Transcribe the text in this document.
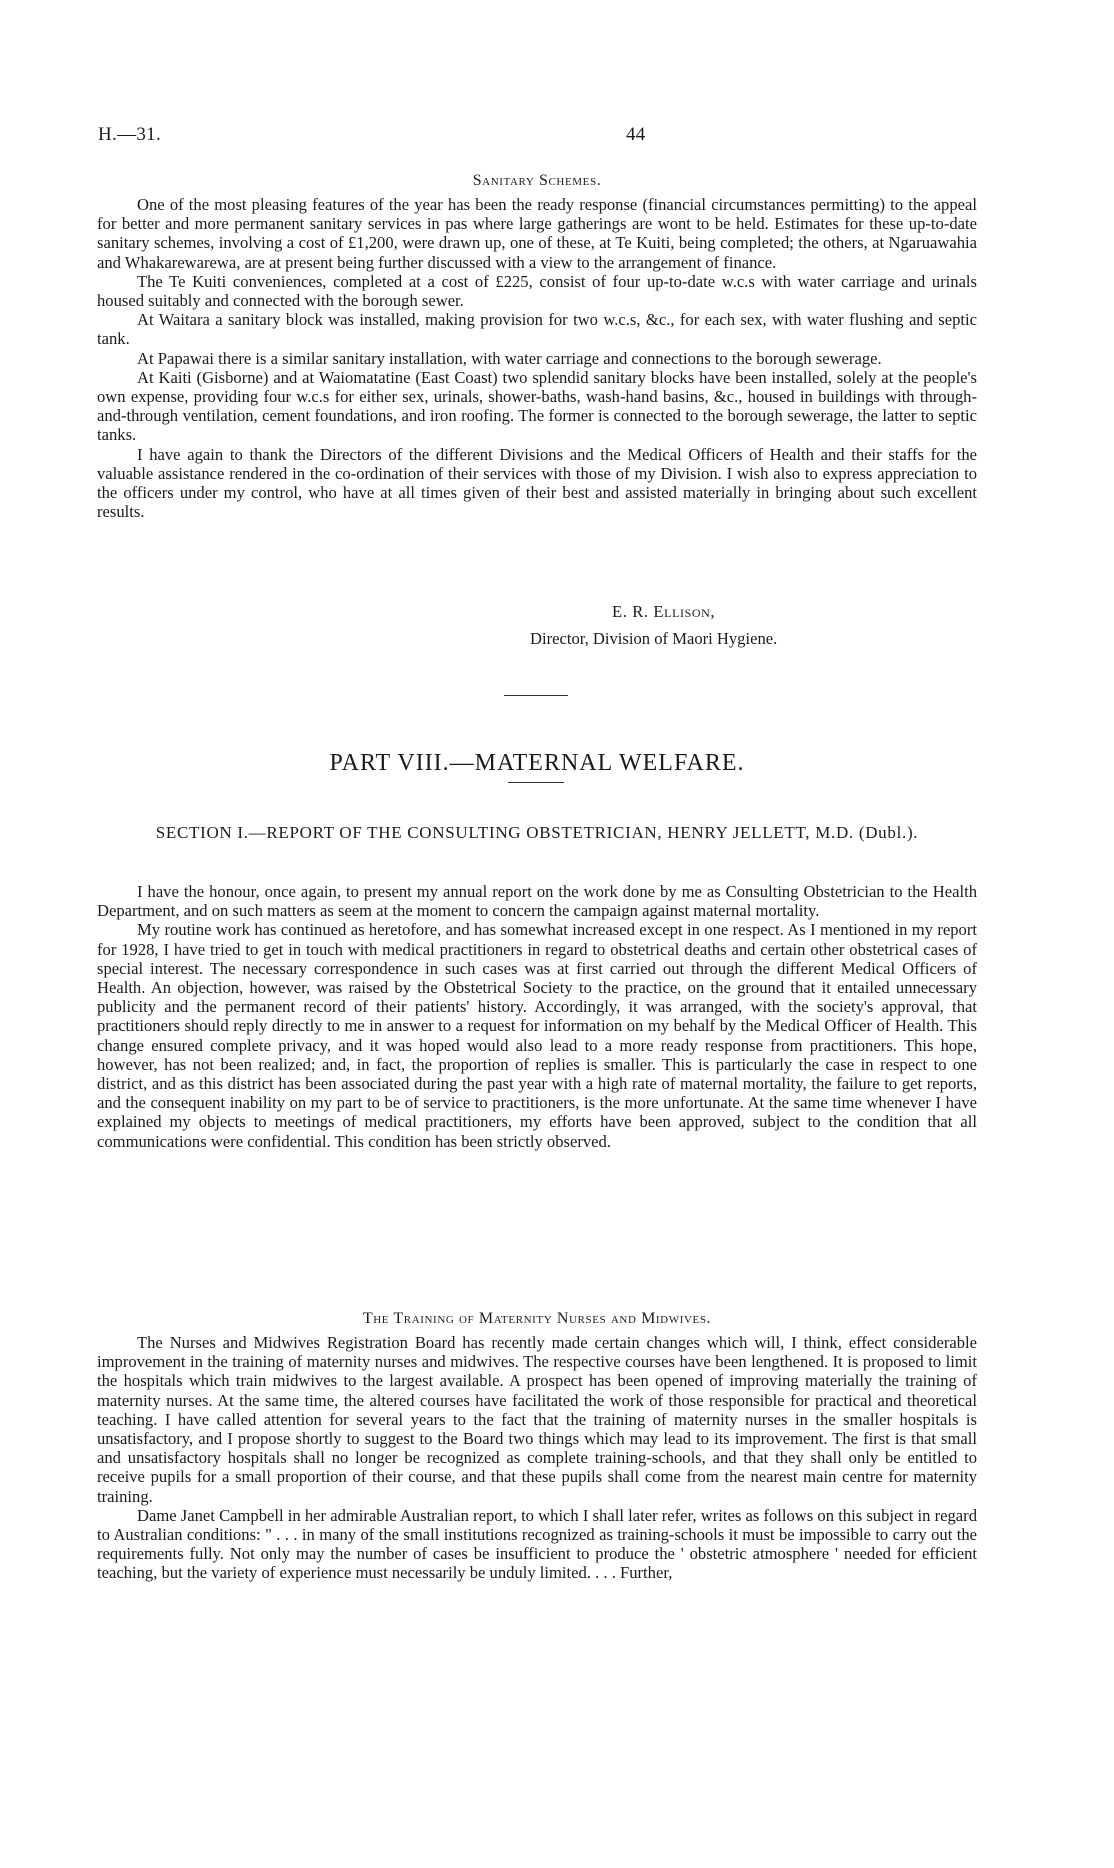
H.—31.	44
Sanitary Schemes.

One of the most pleasing features of the year has been the ready response (financial circumstances permitting) to the appeal for better and more permanent sanitary services in pas where large gatherings are wont to be held. Estimates for these up-to-date sanitary schemes, involving a cost of £1,200, were drawn up, one of these, at Te Kuiti, being completed; the others, at Ngaruawahia and Whakarewarewa, are at present being further discussed with a view to the arrangement of finance.

The Te Kuiti conveniences, completed at a cost of £225, consist of four up-to-date w.c.s with water carriage and urinals housed suitably and connected with the borough sewer.

At Waitara a sanitary block was installed, making provision for two w.c.s, &c., for each sex, with water flushing and septic tank.

At Papawai there is a similar sanitary installation, with water carriage and connections to the borough sewerage.

At Kaiti (Gisborne) and at Waiomatatine (East Coast) two splendid sanitary blocks have been installed, solely at the people's own expense, providing four w.c.s for either sex, urinals, shower-baths, wash-hand basins, &c., housed in buildings with through-and-through ventilation, cement foundations, and iron roofing. The former is connected to the borough sewerage, the latter to septic tanks.

I have again to thank the Directors of the different Divisions and the Medical Officers of Health and their staffs for the valuable assistance rendered in the co-ordination of their services with those of my Division. I wish also to express appreciation to the officers under my control, who have at all times given of their best and assisted materially in bringing about such excellent results.

E. R. Ellison,
Director, Division of Maori Hygiene.
PART VIII.—MATERNAL WELFARE.
SECTION I.—REPORT OF THE CONSULTING OBSTETRICIAN, HENRY JELLETT, M.D. (Dubl.).

I have the honour, once again, to present my annual report on the work done by me as Consulting Obstetrician to the Health Department, and on such matters as seem at the moment to concern the campaign against maternal mortality.

My routine work has continued as heretofore, and has somewhat increased except in one respect. As I mentioned in my report for 1928, I have tried to get in touch with medical practitioners in regard to obstetrical deaths and certain other obstetrical cases of special interest. The necessary correspondence in such cases was at first carried out through the different Medical Officers of Health. An objection, however, was raised by the Obstetrical Society to the practice, on the ground that it entailed unnecessary publicity and the permanent record of their patients' history. Accordingly, it was arranged, with the society's approval, that practitioners should reply directly to me in answer to a request for information on my behalf by the Medical Officer of Health. This change ensured complete privacy, and it was hoped would also lead to a more ready response from practitioners. This hope, however, has not been realized; and, in fact, the proportion of replies is smaller. This is particularly the case in respect to one district, and as this district has been associated during the past year with a high rate of maternal mortality, the failure to get reports, and the consequent inability on my part to be of service to practitioners, is the more unfortunate. At the same time whenever I have explained my objects to meetings of medical practitioners, my efforts have been approved, subject to the condition that all communications were confidential. This condition has been strictly observed.

The Training of Maternity Nurses and Midwives.

The Nurses and Midwives Registration Board has recently made certain changes which will, I think, effect considerable improvement in the training of maternity nurses and midwives. The respective courses have been lengthened. It is proposed to limit the hospitals which train midwives to the largest available. A prospect has been opened of improving materially the training of maternity nurses. At the same time, the altered courses have facilitated the work of those responsible for practical and theoretical teaching. I have called attention for several years to the fact that the training of maternity nurses in the smaller hospitals is unsatisfactory, and I propose shortly to suggest to the Board two things which may lead to its improvement. The first is that small and unsatisfactory hospitals shall no longer be recognized as complete training-schools, and that they shall only be entitled to receive pupils for a small proportion of their course, and that these pupils shall come from the nearest main centre for maternity training.

Dame Janet Campbell in her admirable Australian report, to which I shall later refer, writes as follows on this subject in regard to Australian conditions: " . . . in many of the small institutions recognized as training-schools it must be impossible to carry out the requirements fully. Not only may the number of cases be insufficient to produce the ' obstetric atmosphere ' needed for efficient teaching, but the variety of experience must necessarily be unduly limited. . . . Further,
